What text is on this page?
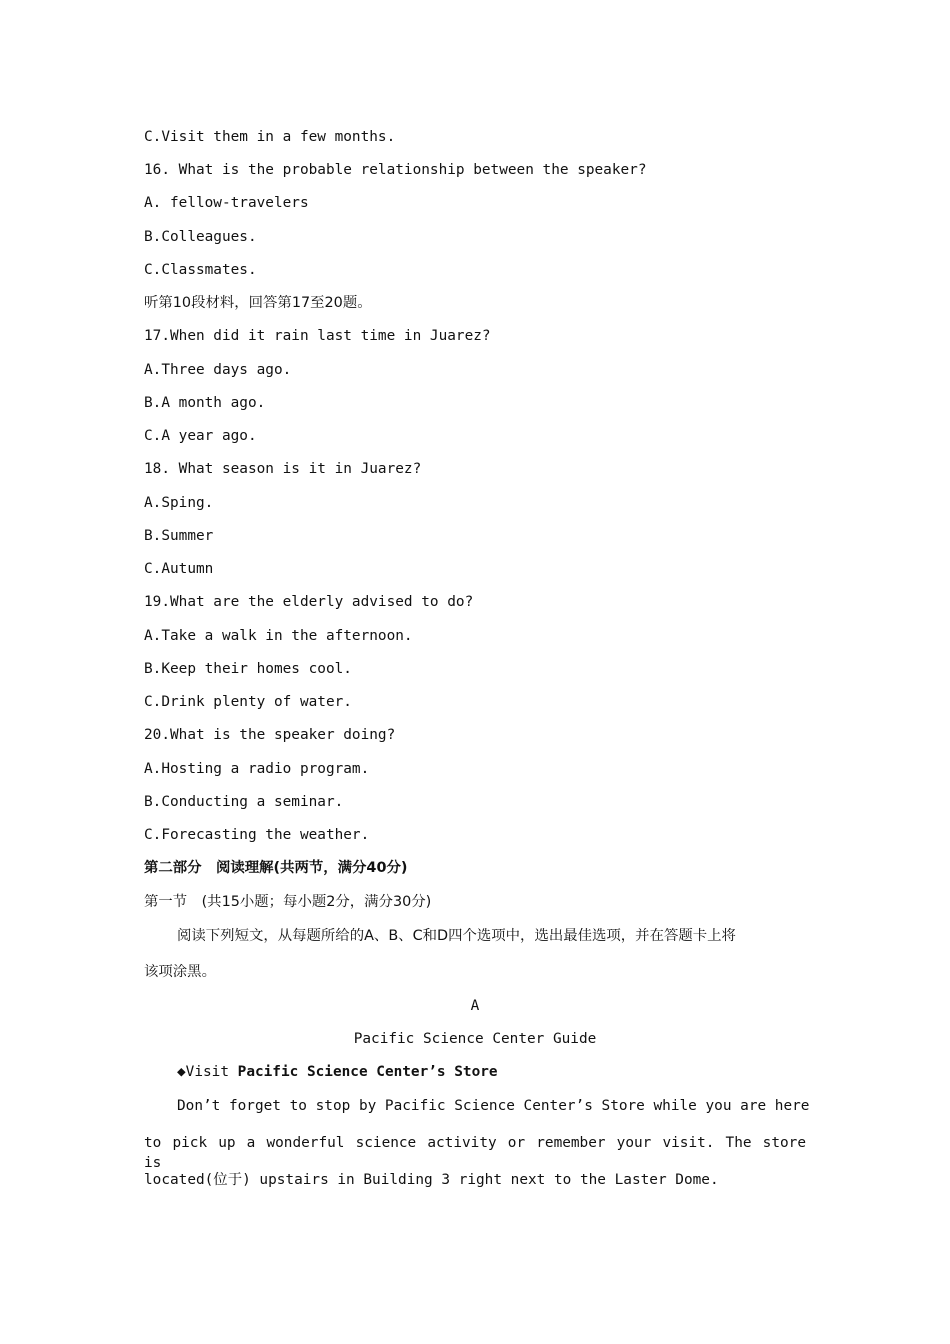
C.Visit them in a few months.

16. What is the probable relationship between the speaker?

A. fellow-travelers

B.Colleagues.

C.Classmates.

听第10段材料，回答第17至20题。

17.When did it rain last time in Juarez?

A.Three days ago.

B.A month ago.

C.A year ago.

18. What season is it in Juarez?

A.Sping.

B.Summer

C.Autumn

19.What are the elderly advised to do?

A.Take a walk in the afternoon.

B.Keep their homes cool.

C.Drink plenty of water.

20.What is the speaker doing?

A.Hosting a radio program.

B.Conducting a seminar.

C.Forecasting the weather.

第二部分　阅读理解(共两节，满分40分)

第一节　(共15小题；每小题2分，满分30分)

阅读下列短文，从每题所给的A、B、C和D四个选项中，选出最佳选项，并在答题卡上将

该项涂黑。

A

Pacific Science Center Guide

◆Visit Pacific Science Center’s Store

Don’t forget to stop by Pacific Science Center’s Store while you are here

to pick up a wonderful science activity or remember your visit. The store is

located(位于) upstairs in Building 3 right next to the Laster Dome.
